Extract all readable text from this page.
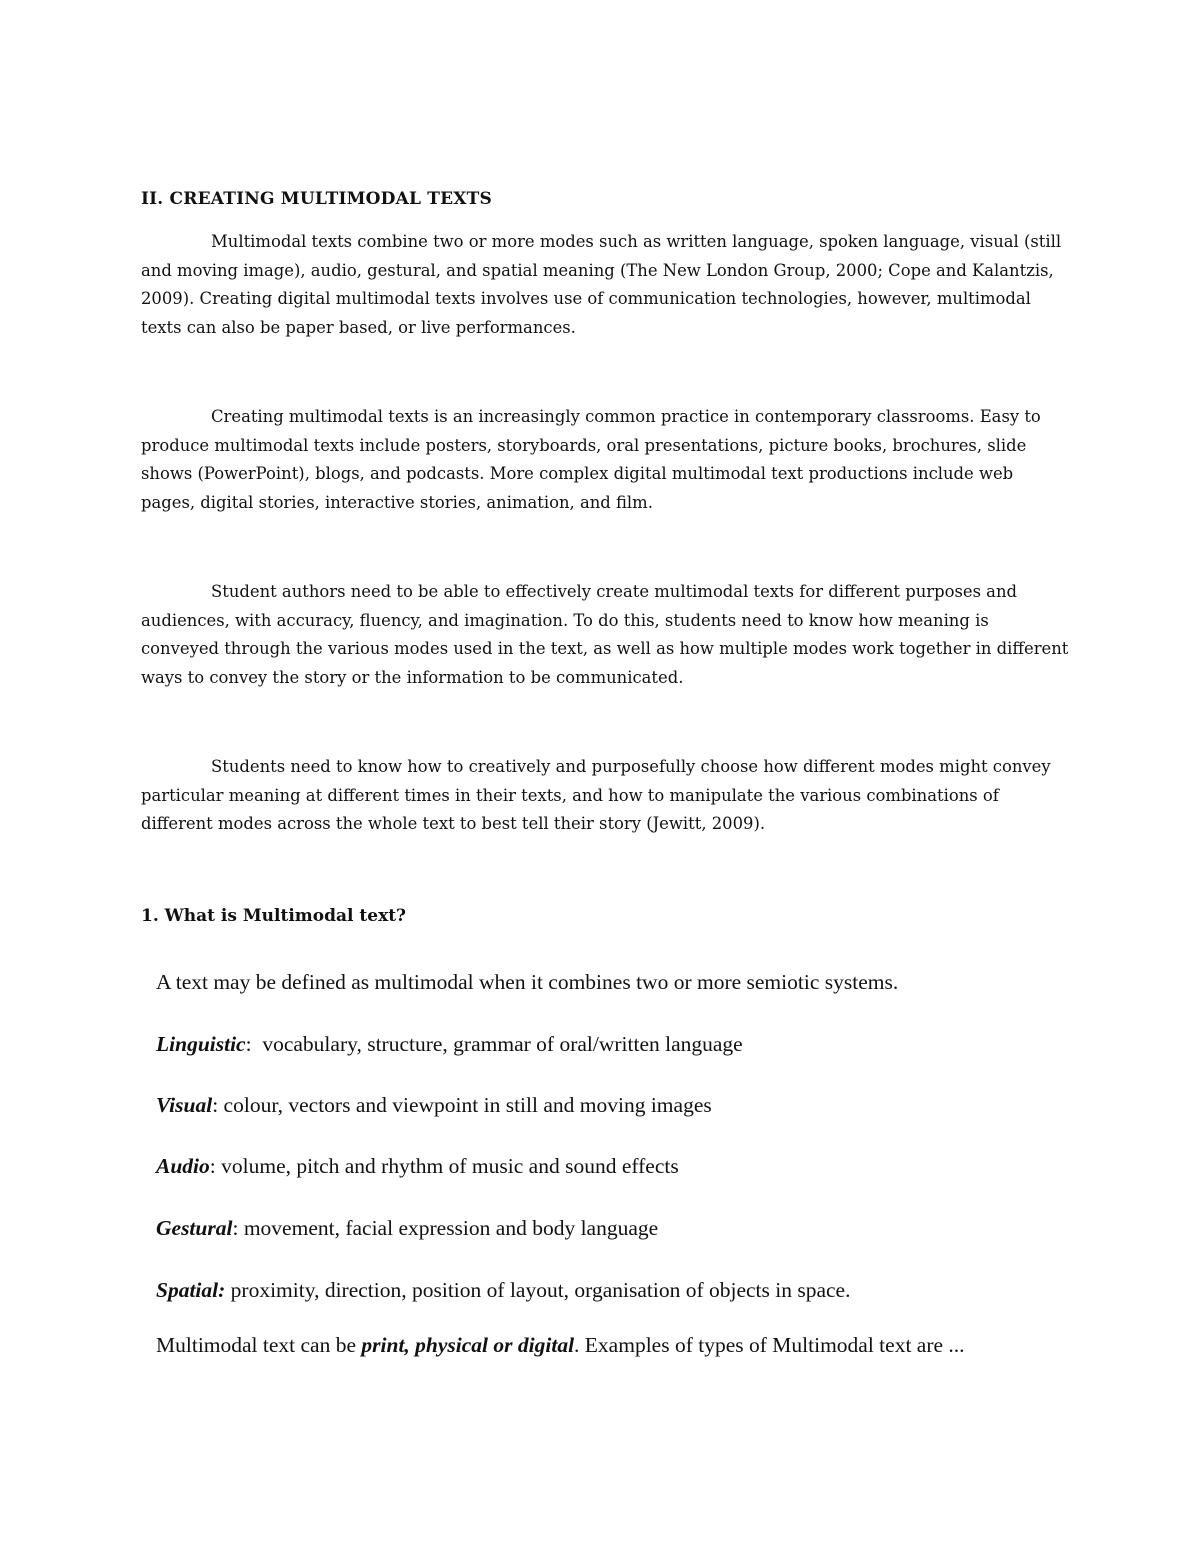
II. CREATING MULTIMODAL TEXTS

Multimodal texts combine two or more modes such as written language, spoken language, visual (still and moving image), audio, gestural, and spatial meaning (The New London Group, 2000; Cope and Kalantzis, 2009). Creating digital multimodal texts involves use of communication technologies, however, multimodal texts can also be paper based, or live performances.

Creating multimodal texts is an increasingly common practice in contemporary classrooms. Easy to produce multimodal texts include posters, storyboards, oral presentations, picture books, brochures, slide shows (PowerPoint), blogs, and podcasts. More complex digital multimodal text productions include web pages, digital stories, interactive stories, animation, and film.

Student authors need to be able to effectively create multimodal texts for different purposes and audiences, with accuracy, fluency, and imagination. To do this, students need to know how meaning is conveyed through the various modes used in the text, as well as how multiple modes work together in different ways to convey the story or the information to be communicated.

Students need to know how to creatively and purposefully choose how different modes might convey particular meaning at different times in their texts, and how to manipulate the various combinations of different modes across the whole text to best tell their story (Jewitt, 2009).

1. What is Multimodal text?

A text may be defined as multimodal when it combines two or more semiotic systems.

Linguistic:  vocabulary, structure, grammar of oral/written language

Visual: colour, vectors and viewpoint in still and moving images

Audio: volume, pitch and rhythm of music and sound effects

Gestural: movement, facial expression and body language

Spatial: proximity, direction, position of layout, organisation of objects in space.

Multimodal text can be print, physical or digital. Examples of types of Multimodal text are ...
